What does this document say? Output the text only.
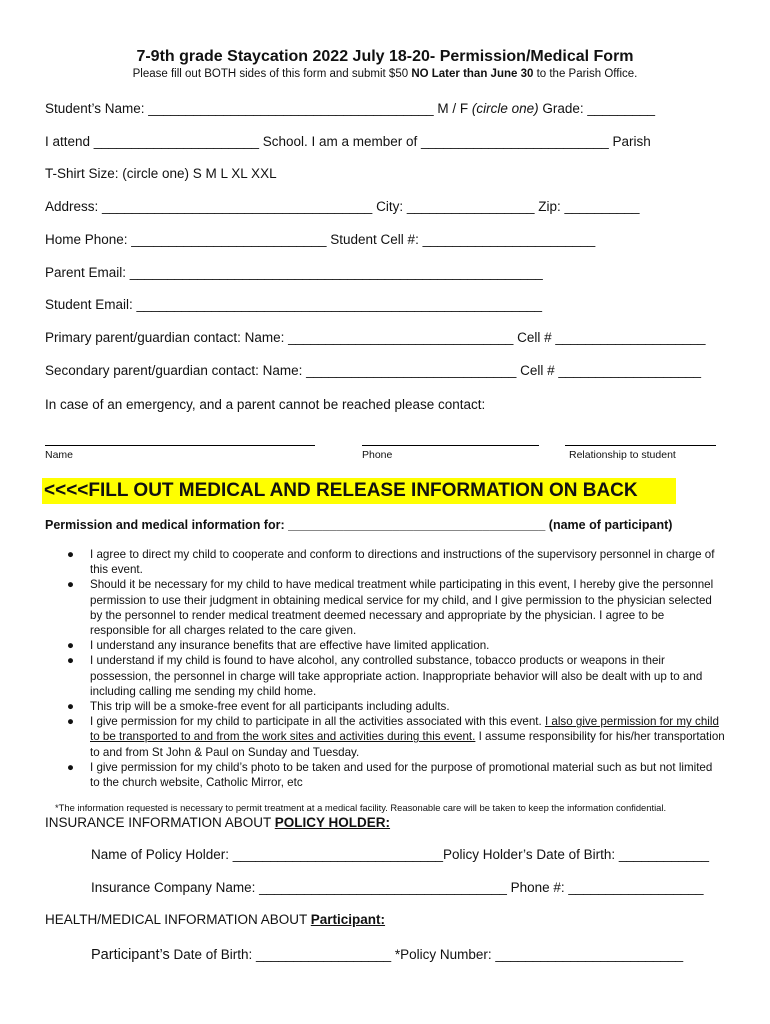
7-9th grade Staycation 2022 July 18-20- Permission/Medical Form
Please fill out BOTH sides of this form and submit $50 NO Later than June 30 to the Parish Office.
Student’s Name: ______________________________________ M / F (circle one) Grade: _________
I attend ______________________ School. I am a member of _________________________ Parish
T-Shirt Size: (circle one) S M L XL XXL
Address: ____________________________________ City: _________________ Zip: __________
Home Phone: __________________________ Student Cell #: _______________________
Parent Email: _______________________________________________________
Student Email: ______________________________________________________
Primary parent/guardian contact: Name: ______________________________ Cell # ____________________
Secondary parent/guardian contact: Name: ____________________________ Cell # ___________________
In case of an emergency, and a parent cannot be reached please contact:
Name	Phone	Relationship to student
<<<<FILL OUT MEDICAL AND RELEASE INFORMATION ON BACK
Permission and medical information for: _____________________________________ (name of participant)
● I agree to direct my child to cooperate and conform to directions and instructions of the supervisory personnel in charge of this event.
● Should it be necessary for my child to have medical treatment while participating in this event, I hereby give the personnel permission to use their judgment in obtaining medical service for my child, and I give permission to the physician selected by the personnel to render medical treatment deemed necessary and appropriate by the physician. I agree to be responsible for all charges related to the care given.
● I understand any insurance benefits that are effective have limited application.
● I understand if my child is found to have alcohol, any controlled substance, tobacco products or weapons in their possession, the personnel in charge will take appropriate action. Inappropriate behavior will also be dealt with up to and including calling me sending my child home.
● This trip will be a smoke-free event for all participants including adults.
● I give permission for my child to participate in all the activities associated with this event. I also give permission for my child to be transported to and from the work sites and activities during this event. I assume responsibility for his/her transportation to and from St John & Paul on Sunday and Tuesday.
● I give permission for my child’s photo to be taken and used for the purpose of promotional material such as but not limited to the church website, Catholic Mirror, etc
*The information requested is necessary to permit treatment at a medical facility. Reasonable care will be taken to keep the information confidential.
INSURANCE INFORMATION ABOUT POLICY HOLDER:
Name of Policy Holder: ____________________________Policy Holder’s Date of Birth: ____________
Insurance Company Name: _________________________________ Phone #: __________________
HEALTH/MEDICAL INFORMATION ABOUT Participant:
Participant’s Date of Birth: __________________ *Policy Number: _________________________
